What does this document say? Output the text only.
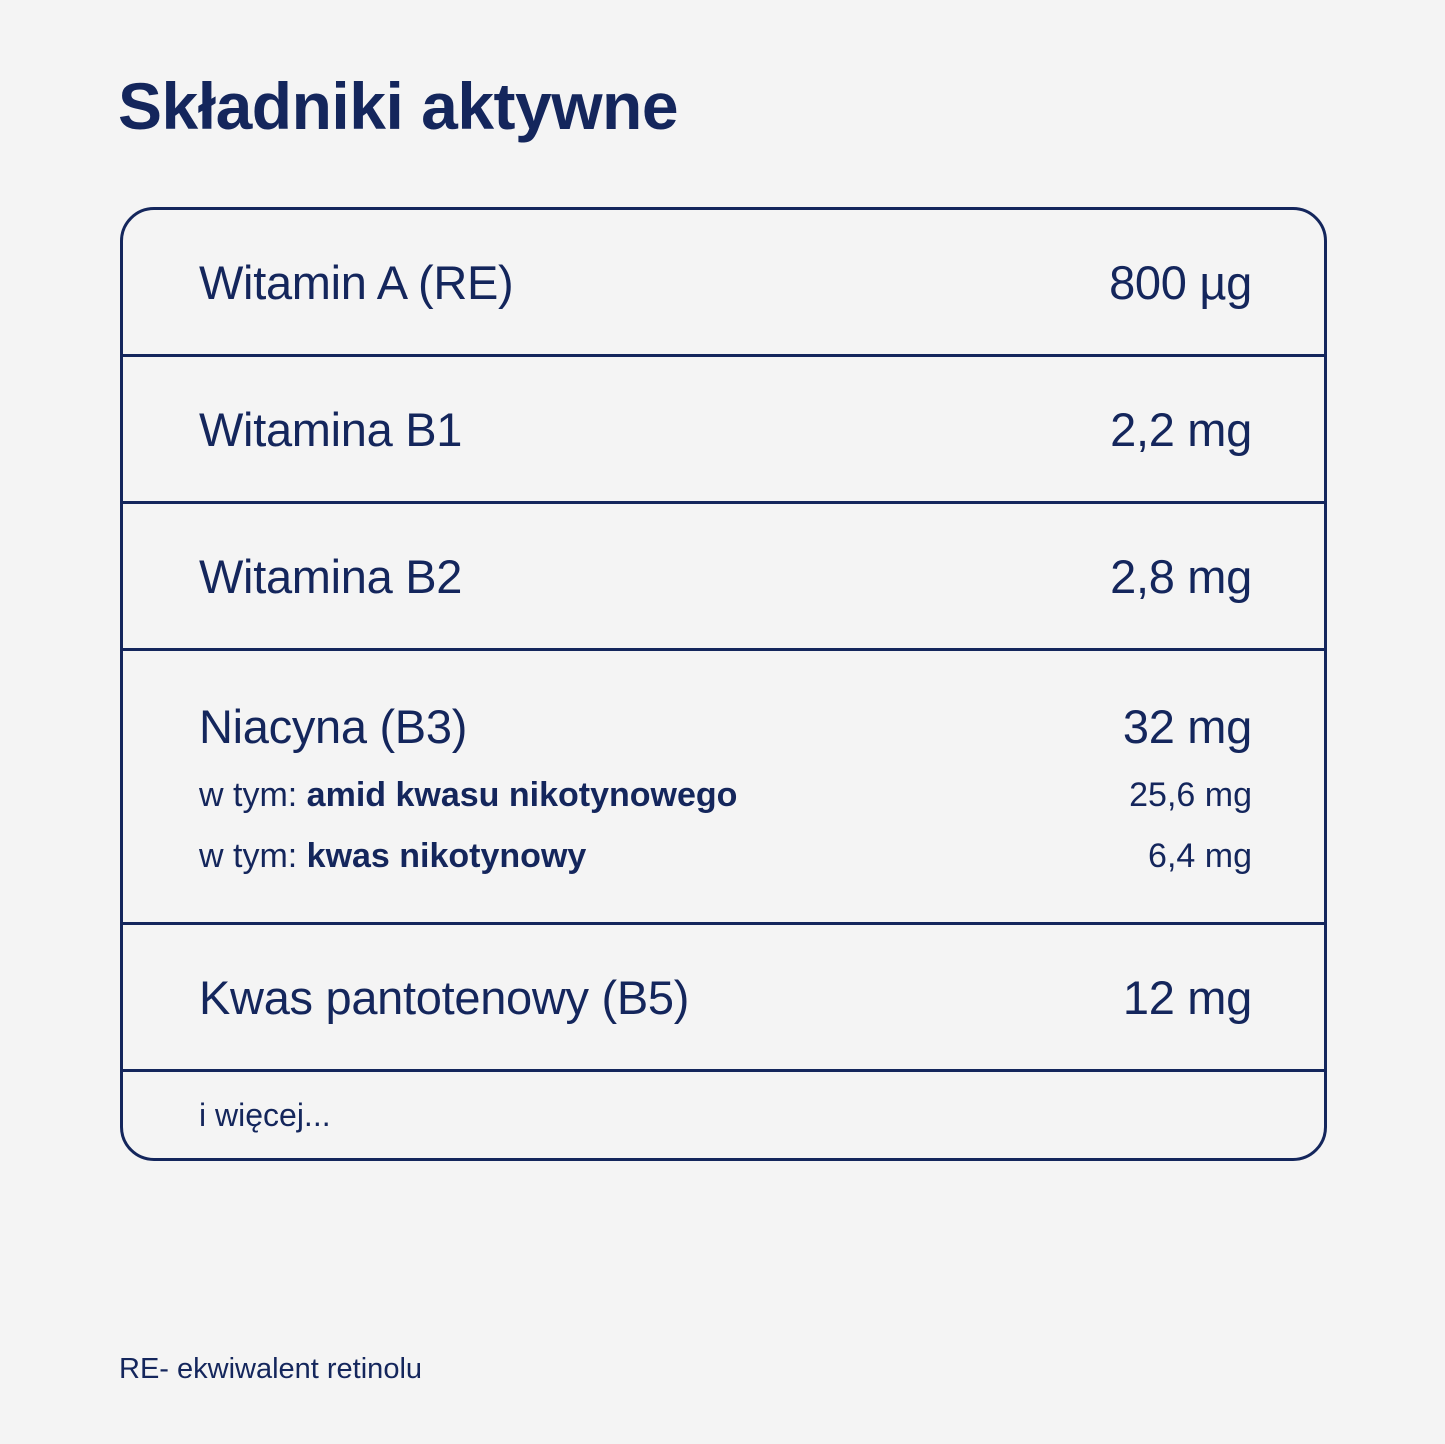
Składniki aktywne
Witamin A (RE)	800 µg
Witamina B1	2,2 mg
Witamina B2	2,8 mg
Niacyna (B3)	32 mg
w tym: amid kwasu nikotynowego	25,6 mg
w tym: kwas nikotynowy	6,4 mg
Kwas pantotenowy (B5)	12 mg
i więcej...
RE- ekwiwalent retinolu
